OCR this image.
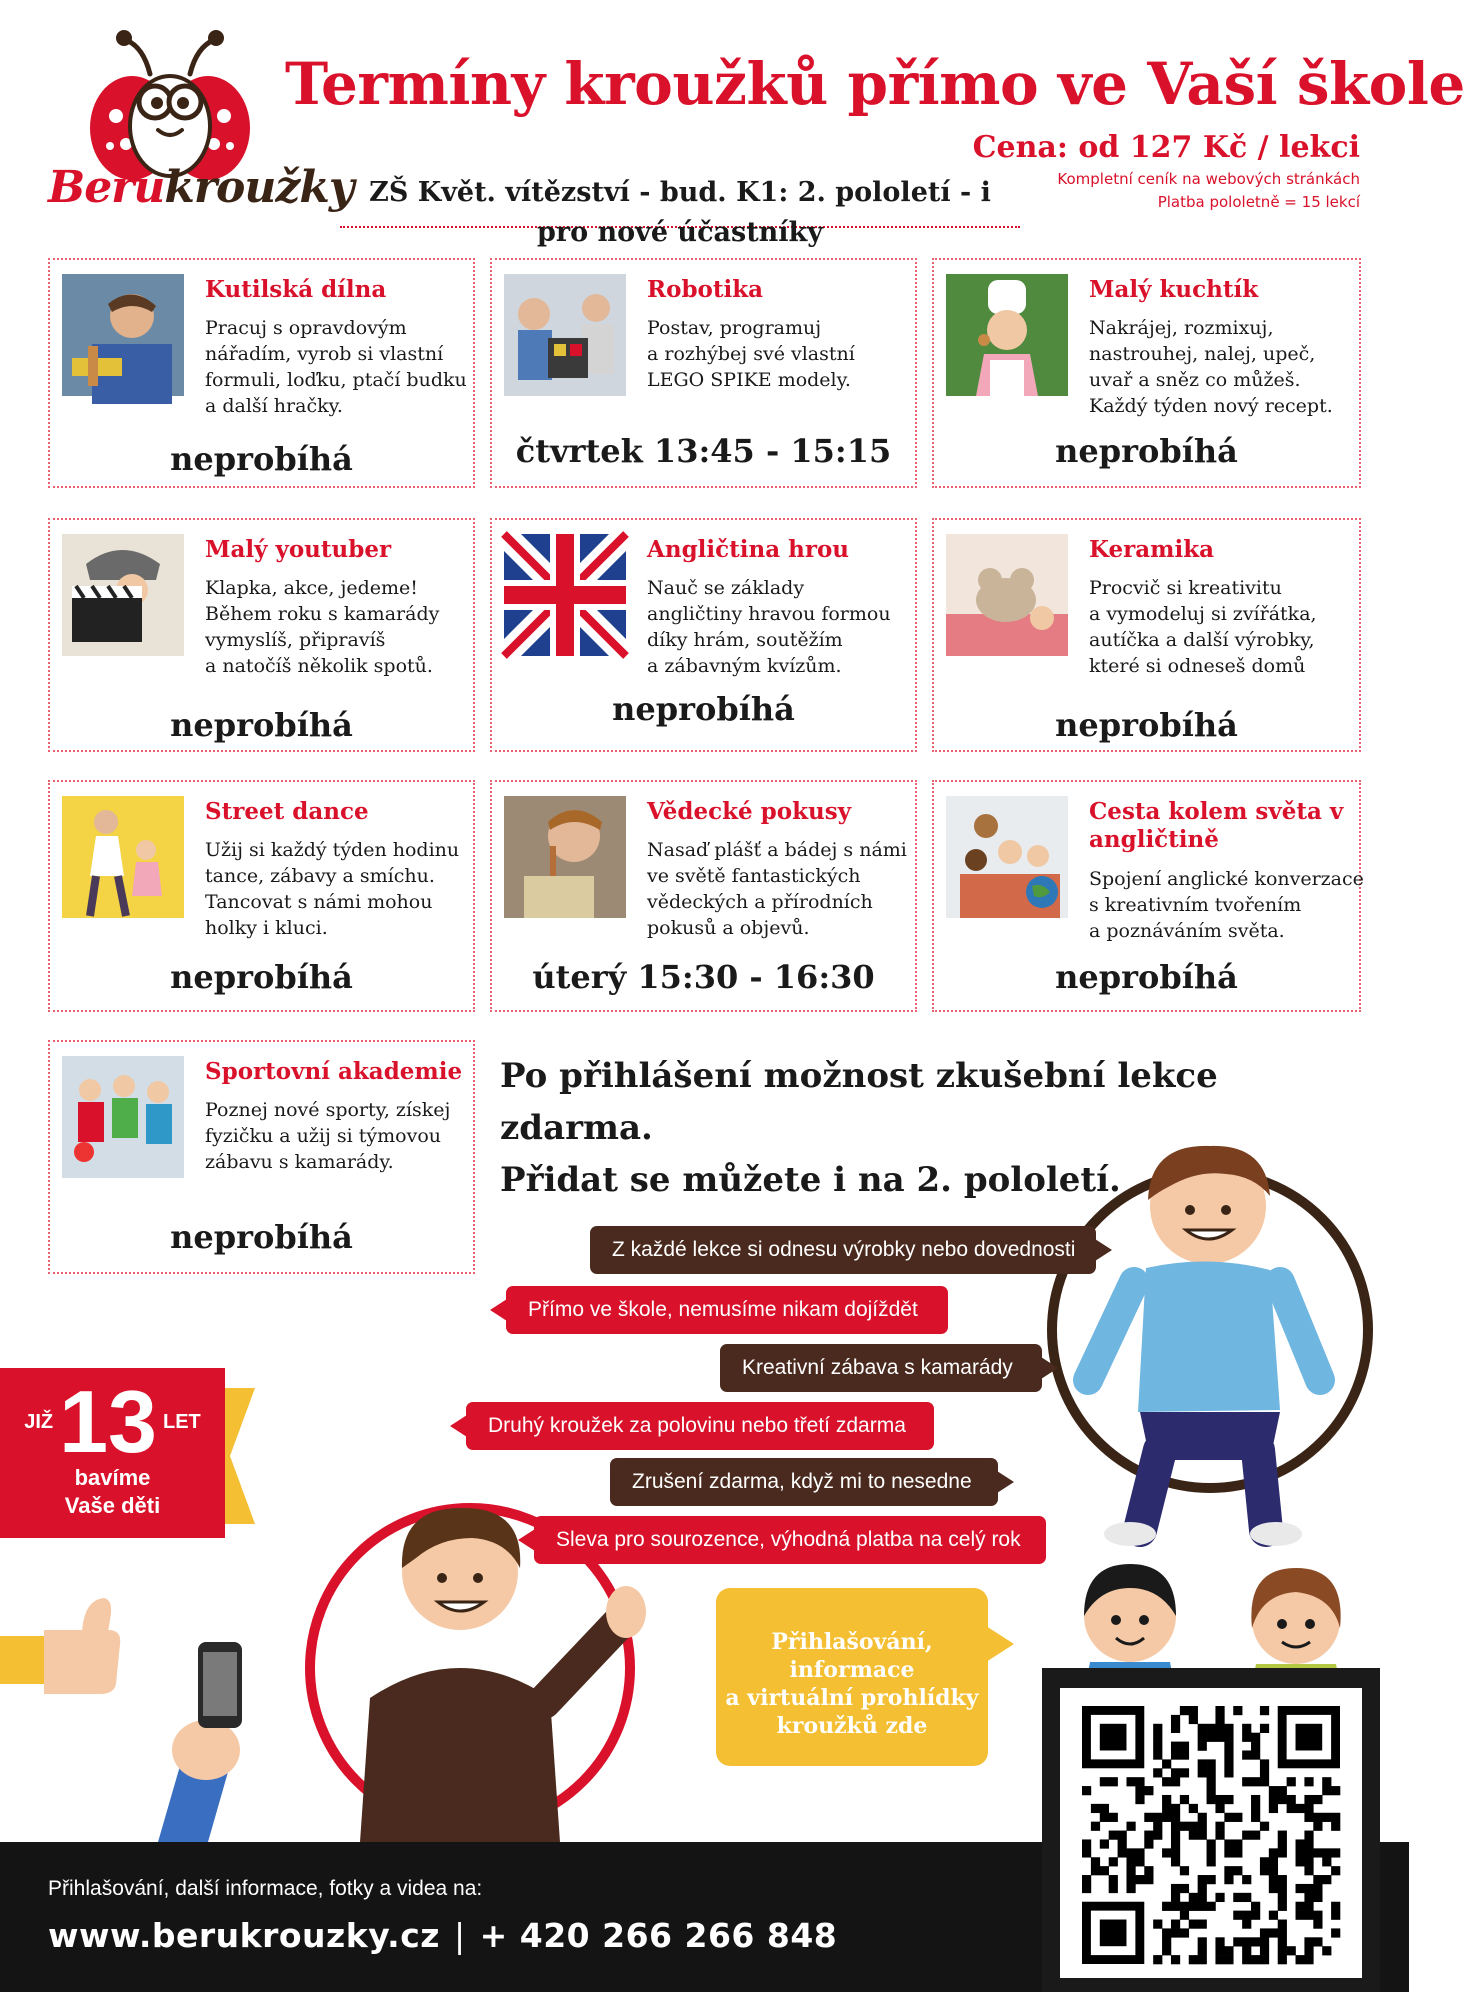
Berukroužky
Termíny kroužků přímo ve Vaší škole
Cena: od 127 Kč / lekci
Kompletní ceník na webových stránkách
Platba pololetně = 15 lekcí
ZŠ Květ. vítězství - bud. K1: 2. pololetí - i pro nové účastníky
Kutilská dílna
Pracuj s opravdovým
nářadím, vyrob si vlastní
formuli, loďku, ptačí budku
a další hračky.
neprobíhá
Robotika
Postav, programuj
a rozhýbej své vlastní
LEGO SPIKE modely.
čtvrtek 13:45 - 15:15
Malý kuchtík
Nakrájej, rozmixuj,
nastrouhej, nalej, upeč,
uvař a sněz co můžeš.
Každý týden nový recept.
neprobíhá
Malý youtuber
Klapka, akce, jedeme!
Během roku s kamarády
vymyslíš, připravíš
a natočíš několik spotů.
neprobíhá
Angličtina hrou
Nauč se základy
angličtiny hravou formou
díky hrám, soutěžím
a zábavným kvízům.
neprobíhá
Keramika
Procvič si kreativitu
a vymodeluj si zvířátka,
autíčka a další výrobky,
které si odneseš domů
neprobíhá
Street dance
Užij si každý týden hodinu
tance, zábavy a smíchu.
Tancovat s námi mohou
holky i kluci.
neprobíhá
Vědecké pokusy
Nasaď plášť a bádej s námi
ve světě fantastických
vědeckých a přírodních
pokusů a objevů.
úterý 15:30 - 16:30
Cesta kolem světa v angličtině
Spojení anglické konverzace
s kreativním tvořením
a poznáváním světa.
neprobíhá
Sportovní akademie
Poznej nové sporty, získej
fyzičku a užij si týmovou
zábavu s kamarády.
neprobíhá
Po přihlášení možnost zkušební lekce zdarma.
Přidat se můžete i na 2. pololetí.
Z každé lekce si odnesu výrobky nebo dovednosti
Přímo ve škole, nemusíme nikam dojíždět
Kreativní zábava s kamarády
Druhý kroužek za polovinu nebo třetí zdarma
Zrušení zdarma, když mi to nesedne
Sleva pro sourozence, výhodná platba na celý rok
JIŽ 13 LET
bavíme
Vaše děti
Přihlašování,
informace
a virtuální prohlídky
kroužků zde
Přihlašování, další informace, fotky a videa na:
www.berukrouzky.cz | + 420 266 266 848
